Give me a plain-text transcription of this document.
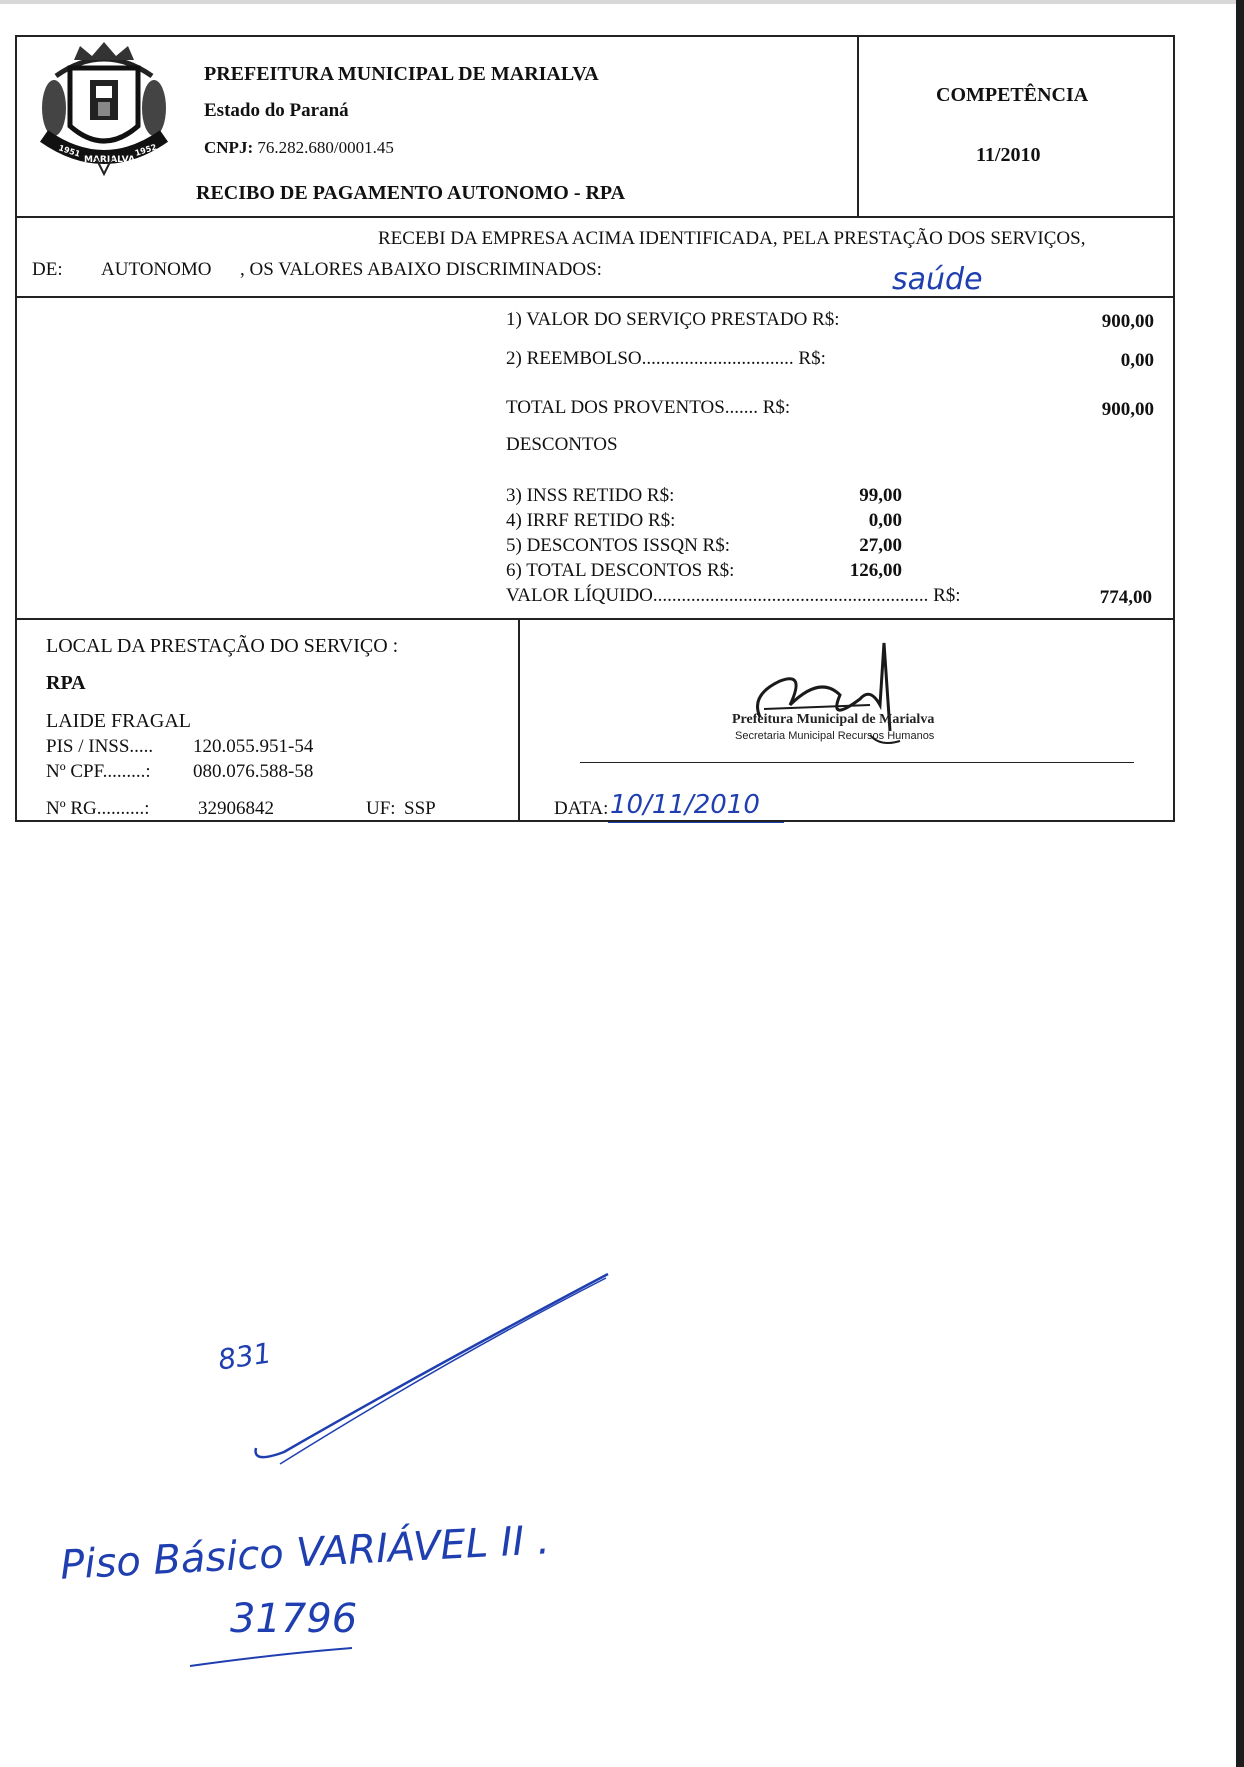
1951
MARIALVA
1952
PREFEITURA MUNICIPAL DE MARIALVA
Estado do Paraná
CNPJ: 76.282.680/0001.45
RECIBO DE PAGAMENTO AUTONOMO - RPA
COMPETÊNCIA
11/2010
RECEBI DA EMPRESA ACIMA IDENTIFICADA, PELA PRESTAÇÃO DOS SERVIÇOS,
DE: AUTONOMO , OS VALORES ABAIXO DISCRIMINADOS:	saúde
1) VALOR DO SERVIÇO PRESTADO R$:	900,00
2) REEMBOLSO................................ R$:	0,00
TOTAL DOS PROVENTOS....... R$:	900,00
DESCONTOS
3) INSS RETIDO R$:	99,00
4) IRRF RETIDO R$:	0,00
5) DESCONTOS ISSQN R$:	27,00
6) TOTAL DESCONTOS R$:	126,00
VALOR LÍQUIDO.......................................................... R$:	774,00
LOCAL DA PRESTAÇÃO DO SERVIÇO :
RPA
LAIDE FRAGAL
PIS / INSS..... 120.055.951-54
Nº CPF.........: 080.076.588-58
Nº RG..........:	32906842	UF: SSP
Prefeitura Municipal de Marialva
Secretaria Municipal Recursos Humanos
DATA: 10/11/2010
831
Piso Básico VARIÁVEL II .
31796
